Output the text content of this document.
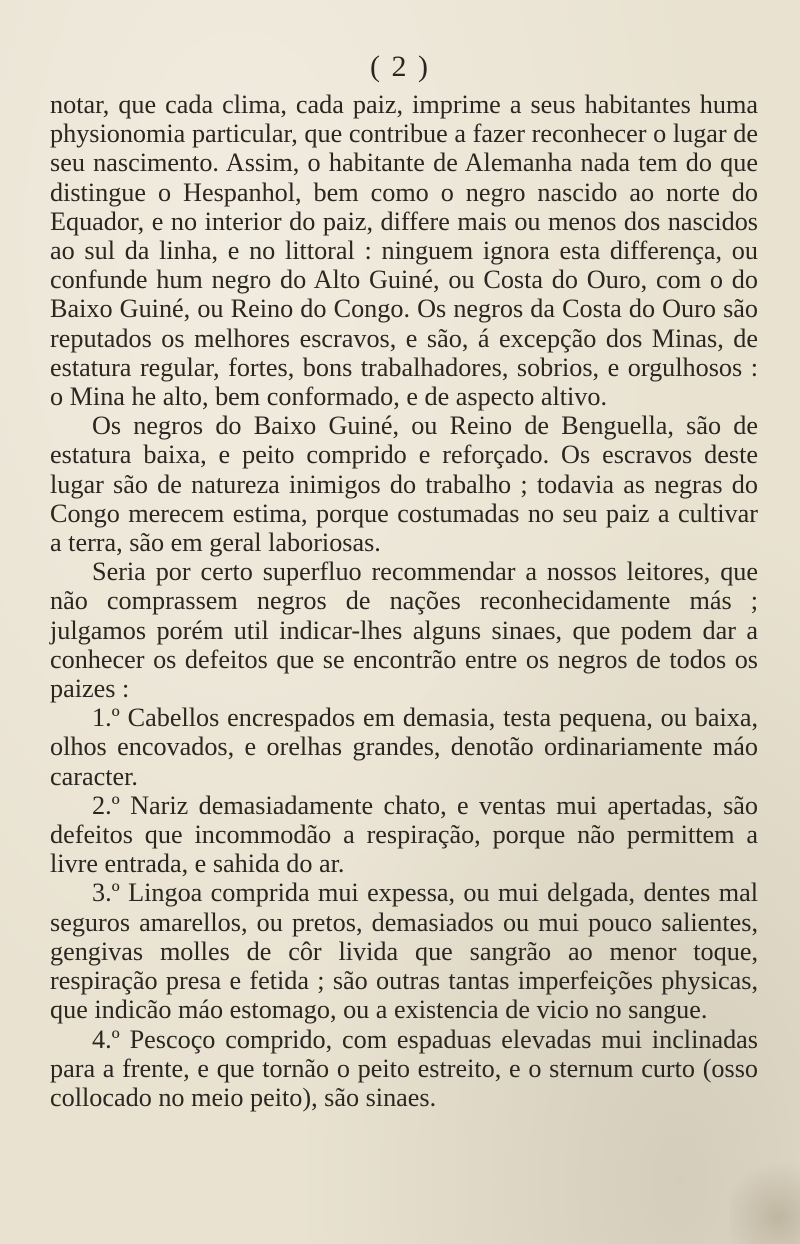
( 2 )

notar, que cada clima, cada paiz, imprime a seus habitantes huma physionomia particular, que contribue a fazer reconhecer o lugar de seu nascimento. Assim, o habitante de Alemanha nada tem do que distingue o Hespanhol, bem como o negro nascido ao norte do Equador, e no interior do paiz, differe mais ou menos dos nascidos ao sul da linha, e no littoral : ninguem ignora esta differença, ou confunde hum negro do Alto Guiné, ou Costa do Ouro, com o do Baixo Guiné, ou Reino do Congo. Os negros da Costa do Ouro são reputados os melhores escravos, e são, á excepção dos Minas, de estatura regular, fortes, bons trabalhadores, sobrios, e orgulhosos : o Mina he alto, bem conformado, e de aspecto altivo.

Os negros do Baixo Guiné, ou Reino de Benguella, são de estatura baixa, e peito comprido e reforçado. Os escravos deste lugar são de natureza inimigos do trabalho ; todavia as negras do Congo merecem estima, porque costumadas no seu paiz a cultivar a terra, são em geral laboriosas.

Seria por certo superfluo recommendar a nossos leitores, que não comprassem negros de nações reconhecidamente más ; julgamos porém util indicar-lhes alguns sinaes, que podem dar a conhecer os defeitos que se encontrão entre os negros de todos os paizes :

1.º Cabellos encrespados em demasia, testa pequena, ou baixa, olhos encovados, e orelhas grandes, denotão ordinariamente máo caracter.

2.º Nariz demasiadamente chato, e ventas mui apertadas, são defeitos que incommodão a respiração, porque não permittem a livre entrada, e sahida do ar.

3.º Lingoa comprida mui expessa, ou mui delgada, dentes mal seguros amarellos, ou pretos, demasiados ou mui pouco salientes, gengivas molles de côr livida que sangrão ao menor toque, respiração presa e fetida ; são outras tantas imperfeições physicas, que indicão máo estomago, ou a existencia de vicio no sangue.

4.º Pescoço comprido, com espaduas elevadas mui inclinadas para a frente, e que tornão o peito estreito, e o sternum curto (osso collocado no meio peito), são sinaes.
